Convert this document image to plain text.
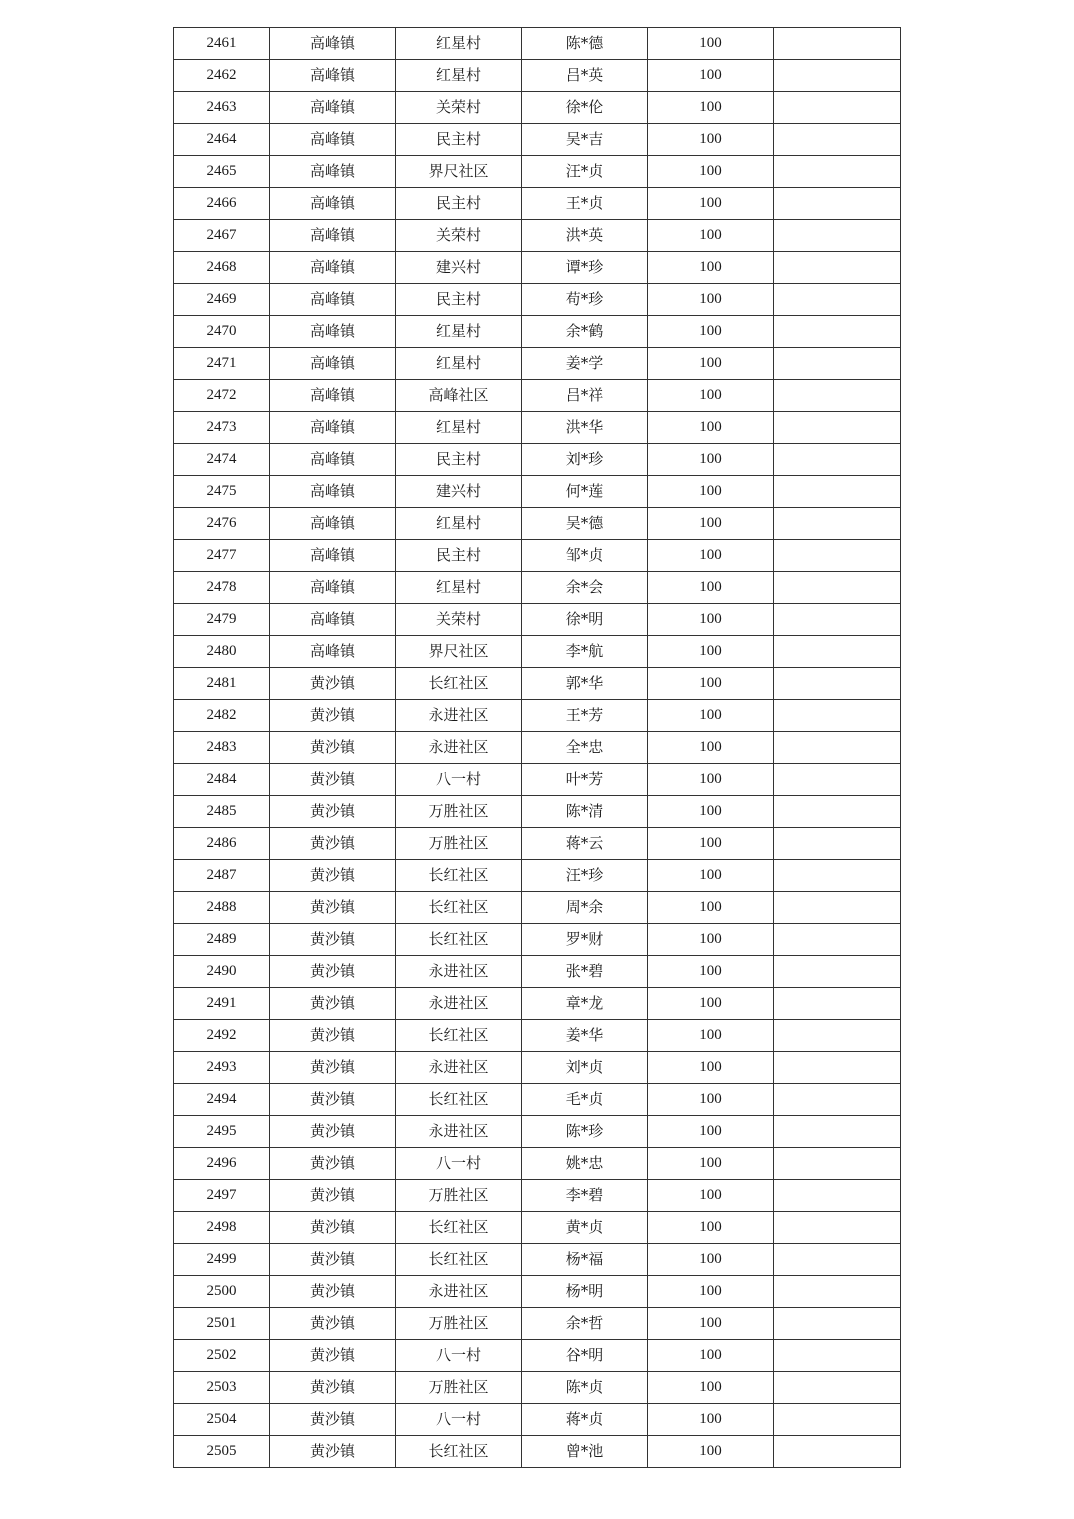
2461	高峰镇	红星村	陈*德	100	
2462	高峰镇	红星村	吕*英	100	
2463	高峰镇	关荣村	徐*伦	100	
2464	高峰镇	民主村	吴*吉	100	
2465	高峰镇	界尺社区	汪*贞	100	
2466	高峰镇	民主村	王*贞	100	
2467	高峰镇	关荣村	洪*英	100	
2468	高峰镇	建兴村	谭*珍	100	
2469	高峰镇	民主村	苟*珍	100	
2470	高峰镇	红星村	余*鹤	100	
2471	高峰镇	红星村	姜*学	100	
2472	高峰镇	高峰社区	吕*祥	100	
2473	高峰镇	红星村	洪*华	100	
2474	高峰镇	民主村	刘*珍	100	
2475	高峰镇	建兴村	何*莲	100	
2476	高峰镇	红星村	吴*德	100	
2477	高峰镇	民主村	邹*贞	100	
2478	高峰镇	红星村	余*会	100	
2479	高峰镇	关荣村	徐*明	100	
2480	高峰镇	界尺社区	李*航	100	
2481	黄沙镇	长红社区	郭*华	100	
2482	黄沙镇	永进社区	王*芳	100	
2483	黄沙镇	永进社区	全*忠	100	
2484	黄沙镇	八一村	叶*芳	100	
2485	黄沙镇	万胜社区	陈*清	100	
2486	黄沙镇	万胜社区	蒋*云	100	
2487	黄沙镇	长红社区	汪*珍	100	
2488	黄沙镇	长红社区	周*余	100	
2489	黄沙镇	长红社区	罗*财	100	
2490	黄沙镇	永进社区	张*碧	100	
2491	黄沙镇	永进社区	章*龙	100	
2492	黄沙镇	长红社区	姜*华	100	
2493	黄沙镇	永进社区	刘*贞	100	
2494	黄沙镇	长红社区	毛*贞	100	
2495	黄沙镇	永进社区	陈*珍	100	
2496	黄沙镇	八一村	姚*忠	100	
2497	黄沙镇	万胜社区	李*碧	100	
2498	黄沙镇	长红社区	黄*贞	100	
2499	黄沙镇	长红社区	杨*福	100	
2500	黄沙镇	永进社区	杨*明	100	
2501	黄沙镇	万胜社区	余*哲	100	
2502	黄沙镇	八一村	谷*明	100	
2503	黄沙镇	万胜社区	陈*贞	100	
2504	黄沙镇	八一村	蒋*贞	100	
2505	黄沙镇	长红社区	曾*池	100	
